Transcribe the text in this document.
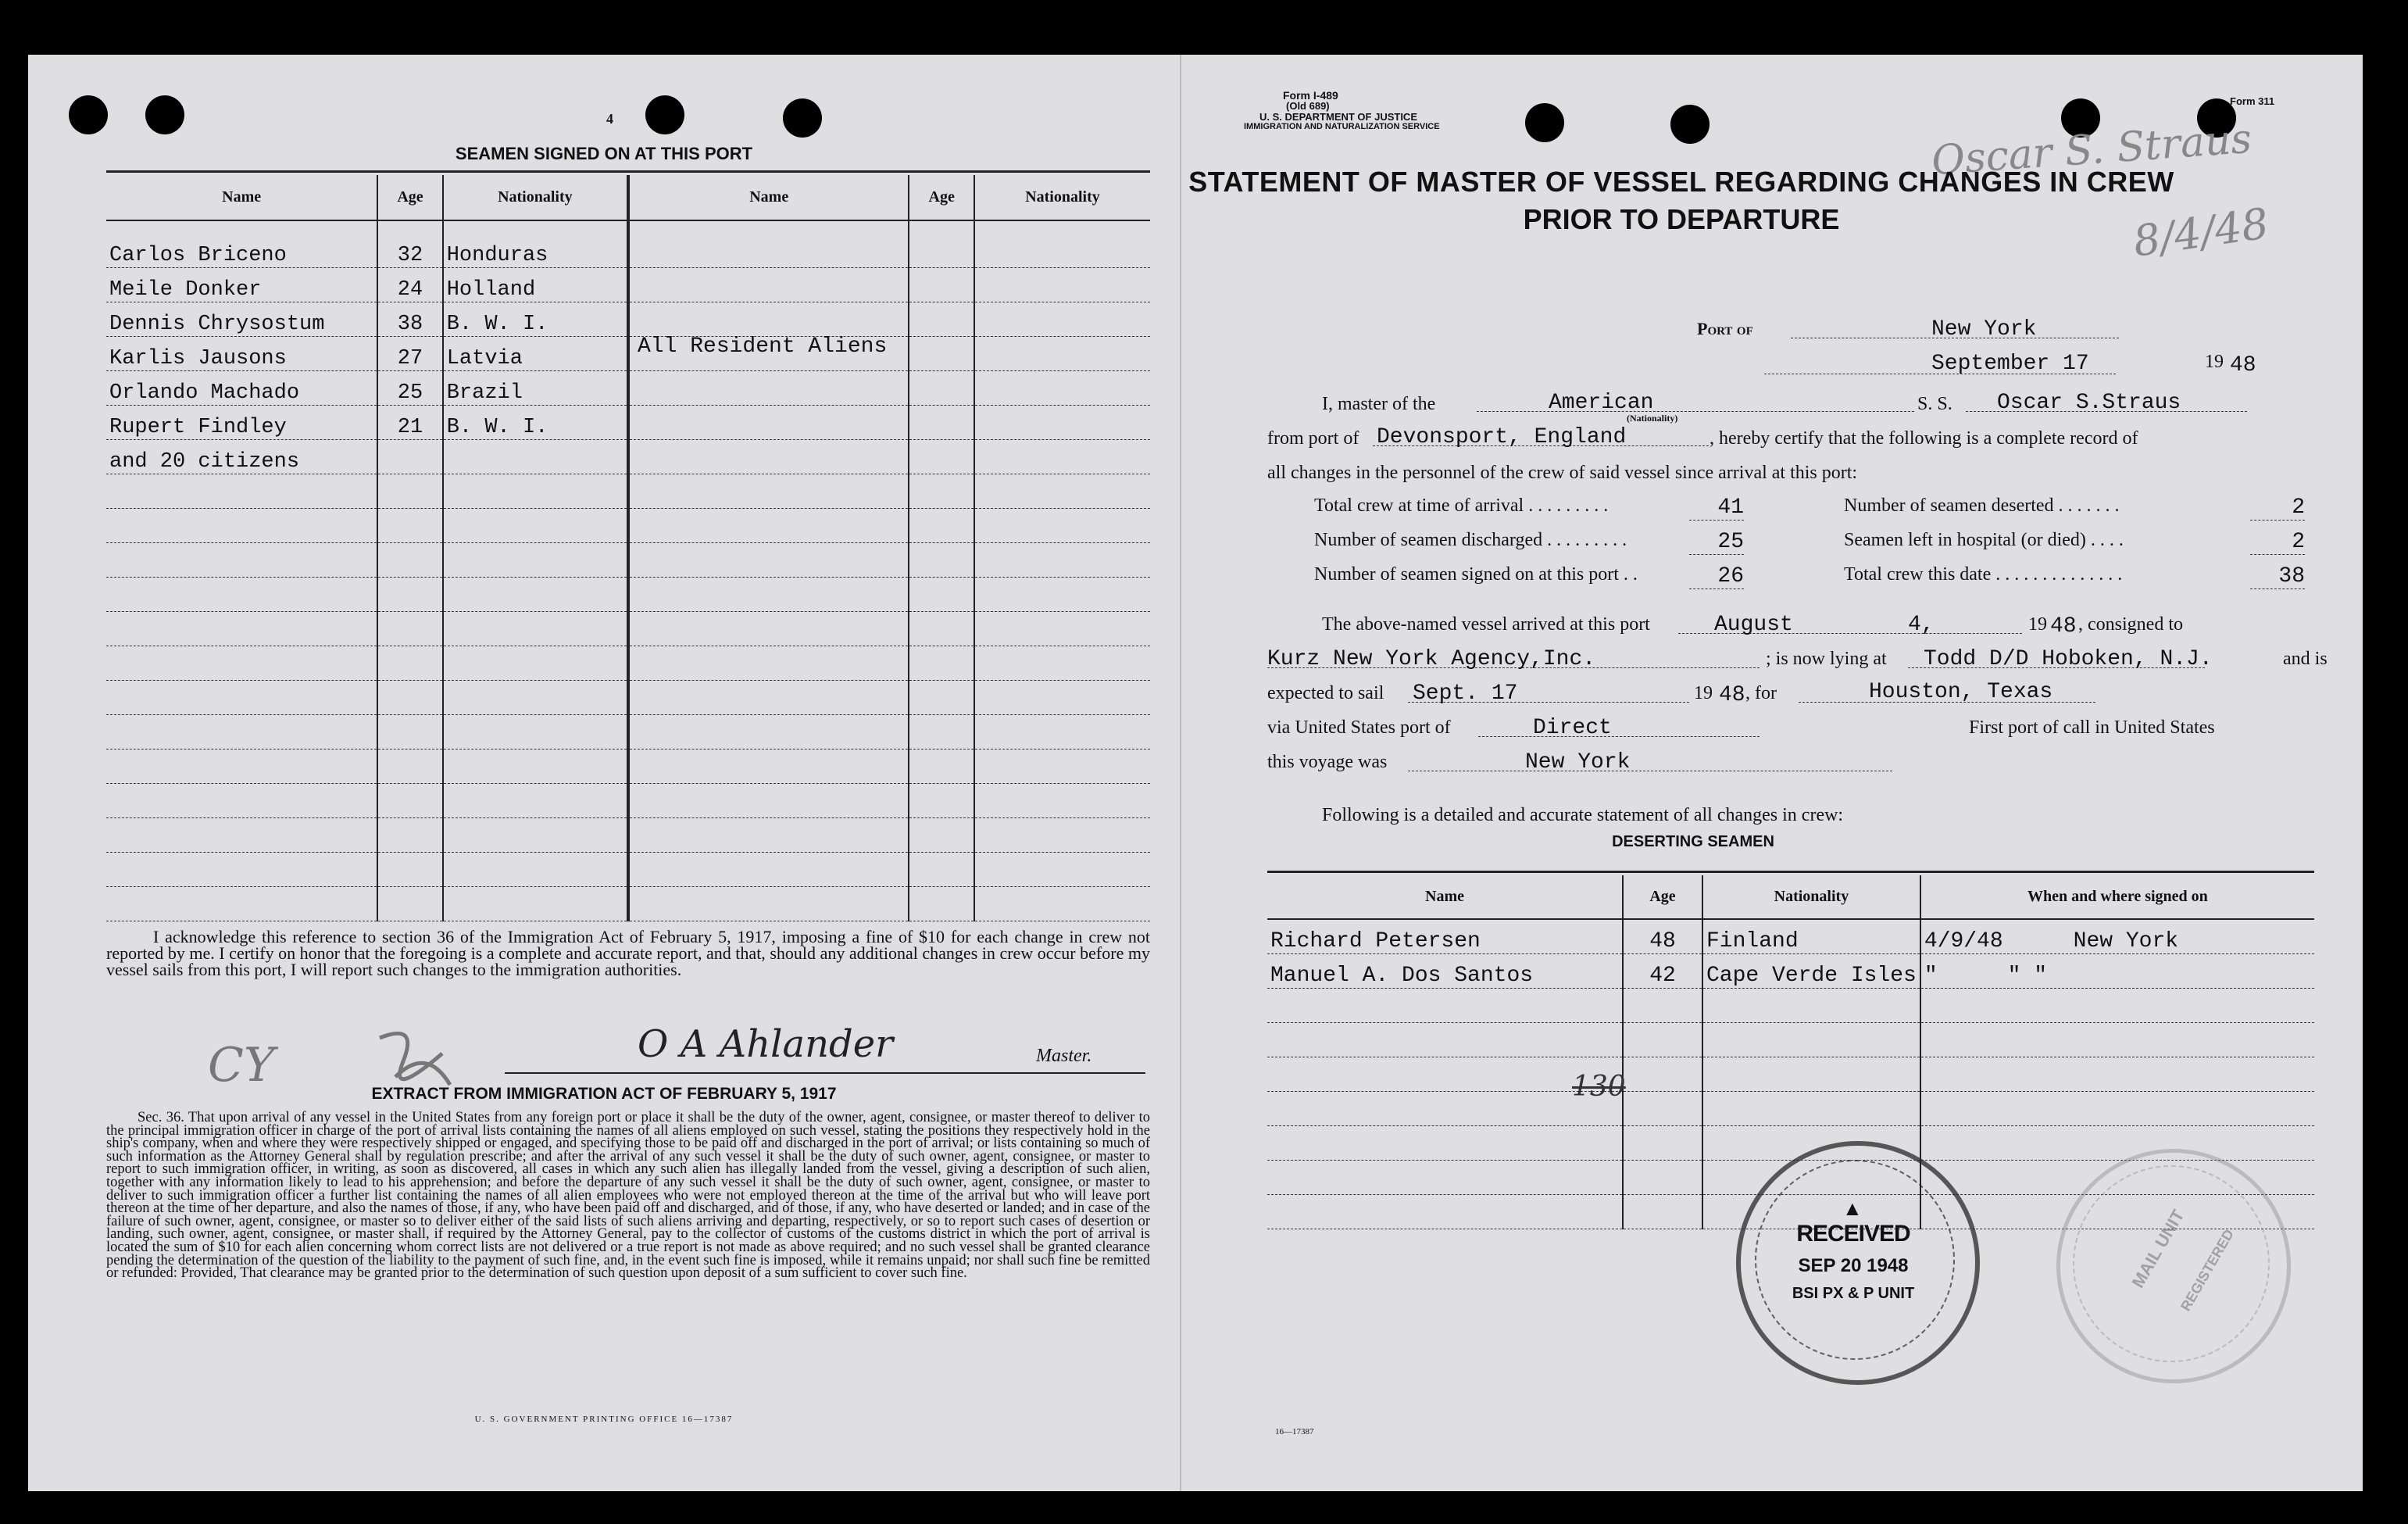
4
SEAMEN SIGNED ON AT THIS PORT
Name	Age	Nationality	Name	Age	Nationality
Carlos Briceno	32	Honduras			
Meile Donker	24	Holland			
Dennis Chrysostum	38	B. W. I.			
Karlis Jausons	27	Latvia			
Orlando Machado	25	Brazil			
Rupert Findley	21	B. W. I.			
and 20 citizens					

All Resident Aliens
I acknowledge this reference to section 36 of the Immigration Act of February 5, 1917, imposing a fine of $10 for each change in crew not reported by me. I certify on honor that the foregoing is a complete and accurate report, and that, should any additional changes in crew occur before my vessel sails from this port, I will report such changes to the immigration authorities.
CY	O A Ahlander	Master.
EXTRACT FROM IMMIGRATION ACT OF FEBRUARY 5, 1917
Sec. 36. That upon arrival of any vessel in the United States from any foreign port or place it shall be the duty of the owner, agent, consignee, or master thereof to deliver to the principal immigration officer in charge of the port of arrival lists containing the names of all aliens employed on such vessel, stating the positions they respectively hold in the ship's company, when and where they were respectively shipped or engaged, and specifying those to be paid off and discharged in the port of arrival; or lists containing so much of such information as the Attorney General shall by regulation prescribe; and after the arrival of any such vessel it shall be the duty of such owner, agent, consignee, or master to report to such immigration officer, in writing, as soon as discovered, all cases in which any such alien has illegally landed from the vessel, giving a description of such alien, together with any information likely to lead to his apprehension; and before the departure of any such vessel it shall be the duty of such owner, agent, consignee, or master to deliver to such immigration officer a further list containing the names of all alien employees who were not employed thereon at the time of the arrival but who will leave port thereon at the time of her departure, and also the names of those, if any, who have been paid off and discharged, and of those, if any, who have deserted or landed; and in case of the failure of such owner, agent, consignee, or master so to deliver either of the said lists of such aliens arriving and departing, respectively, or so to report such cases of desertion or landing, such owner, agent, consignee, or master shall, if required by the Attorney General, pay to the collector of customs of the customs district in which the port of arrival is located the sum of $10 for each alien concerning whom correct lists are not delivered or a true report is not made as above required; and no such vessel shall be granted clearance pending the determination of the question of the liability to the payment of such fine, and, in the event such fine is imposed, while it remains unpaid; nor shall such fine be remitted or refunded: Provided, That clearance may be granted prior to the determination of such question upon deposit of a sum sufficient to cover such fine.
U. S. GOVERNMENT PRINTING OFFICE 16—17387
Form I-489
(Old 689)
U. S. DEPARTMENT OF JUSTICE
IMMIGRATION AND NATURALIZATION SERVICE
Form 311
Oscar S. Straus
8/4/48
STATEMENT OF MASTER OF VESSEL REGARDING CHANGES IN CREW
PRIOR TO DEPARTURE
Port of	New York
September 17	19 48
I, master of the	American
(Nationality)
S. S. Oscar S.Straus
from port of Devonsport, England	, hereby certify that the following is a complete record of
all changes in the personnel of the crew of said vessel since arrival at this port:
Total crew at time of arrival . . . . . . . . .	41
Number of seamen discharged . . . . . . . . .	25
Number of seamen signed on at this port . .	26
Number of seamen deserted . . . . . . .	2
Seamen left in hospital (or died) . . . .	2
Total crew this date . . . . . . . . . . . . . .	38
The above-named vessel arrived at this port	August	4,	19 48 , consigned to
Kurz New York Agency,Inc.	; is now lying at Todd D/D Hoboken, N.J.	and is
expected to sail Sept. 17	19 48 , for	Houston, Texas
via United States port of	Direct	First port of call in United States
this voyage was	New York
Following is a detailed and accurate statement of all changes in crew:
DESERTING SEAMEN
Name	Age	Nationality	When and where signed on
Richard Petersen	48	Finland	4/9/48 New York
Manuel A. Dos Santos	42	Cape Verde Isles	" " "

130
RECEIVED
SEP 20 1948
BSI PX & P UNIT
▲	MAIL UNIT
REGISTERED
16—17387
